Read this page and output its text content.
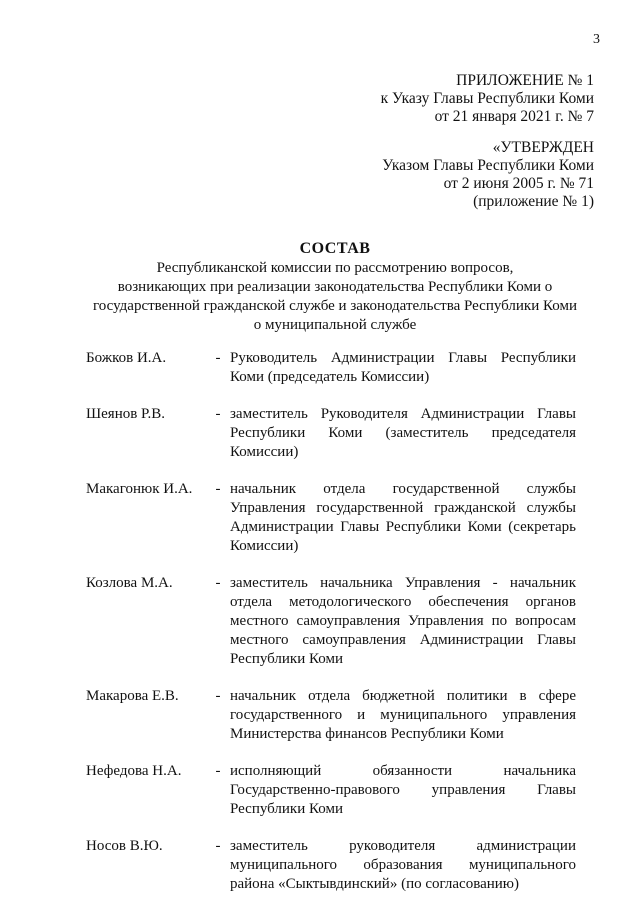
3
ПРИЛОЖЕНИЕ № 1
к Указу Главы Республики Коми
от 21 января 2021 г. № 7
«УТВЕРЖДЕН
Указом Главы Республики Коми
от 2 июня 2005 г. № 71
(приложение № 1)
СОСТАВ
Республиканской комиссии по рассмотрению вопросов,
возникающих при реализации законодательства Республики Коми о
государственной гражданской службе и законодательства Республики Коми
о муниципальной службе
Божков И.А.	- Руководитель Администрации Главы Республики Коми (председатель Комиссии)
Шеянов Р.В.	- заместитель Руководителя Администрации Главы Республики Коми (заместитель председателя Комиссии)
Макагонюк И.А.	- начальник отдела государственной службы Управления государственной гражданской службы Администрации Главы Республики Коми (секретарь Комиссии)
Козлова М.А.	- заместитель начальника Управления - начальник отдела методологического обеспечения органов местного самоуправления Управления по вопросам местного самоуправления Администрации Главы Республики Коми
Макарова Е.В.	- начальник отдела бюджетной политики в сфере государственного и муниципального управления Министерства финансов Республики Коми
Нефедова Н.А.	- исполняющий обязанности начальника Государственно-правового управления Главы Республики Коми
Носов В.Ю.	- заместитель руководителя администрации муниципального образования муниципального района «Сыктывдинский» (по согласованию)
